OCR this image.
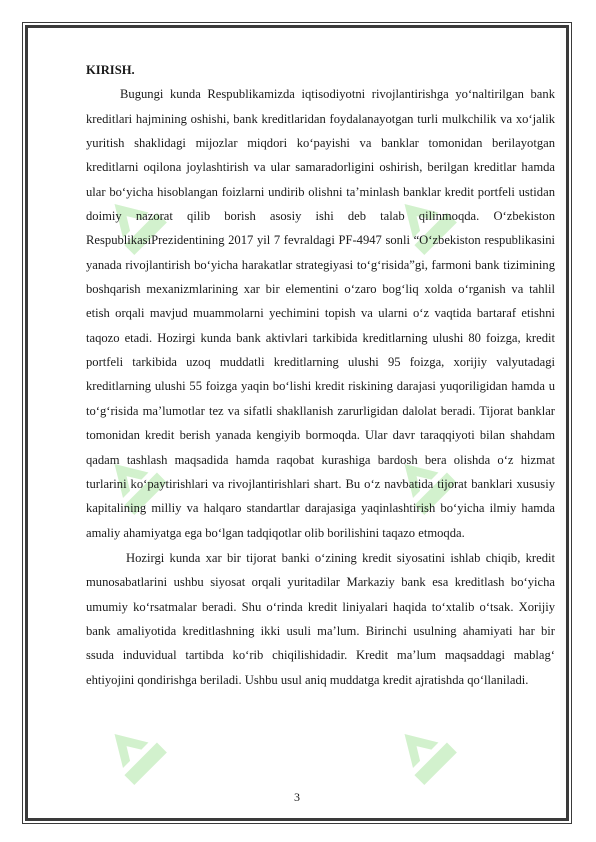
KIRISH.

Bugungi kunda Respublikamizda iqtisodiyotni rivojlantirishga yo‘naltirilgan bank kreditlari hajmining oshishi, bank kreditlaridan foydalanayotgan turli mulkchilik va xo‘jalik yuritish shaklidagi mijozlar miqdori ko‘payishi va banklar tomonidan berilayotgan kreditlarni oqilona joylashtirish va ular samaradorligini oshirish, berilgan kreditlar hamda ular bo‘yicha hisoblangan foizlarni undirib olishni ta’minlash banklar kredit portfeli ustidan doimiy nazorat qilib borish asosiy ishi deb talab qilinmoqda. O‘zbekiston RespublikasiPrezidentining 2017 yil 7 fevraldagi PF-4947 sonli “O‘zbekiston respublikasini yanada rivojlantirish bo‘yicha harakatlar strategiyasi to‘g‘risida”gi, farmoni bank tizimining boshqarish mexanizmlarining xar bir elementini o‘zaro bog‘liq xolda o‘rganish va tahlil etish orqali mavjud muammolarni yechimini topish va ularni o‘z vaqtida bartaraf etishni taqozo etadi. Hozirgi kunda bank aktivlari tarkibida kreditlarning ulushi 80 foizga, kredit portfeli tarkibida uzoq muddatli kreditlarning ulushi 95 foizga, xorijiy valyutadagi kreditlarning ulushi 55 foizga yaqin bo‘lishi kredit riskining darajasi yuqoriligidan hamda u to‘g‘risida ma’lumotlar tez va sifatli shakllanish zarurligidan dalolat beradi. Tijorat banklar tomonidan kredit berish yanada kengiyib bormoqda. Ular davr taraqqiyoti bilan shahdam qadam tashlash maqsadida hamda raqobat kurashiga bardosh bera olishda o‘z hizmat turlarini ko‘paytirishlari va rivojlantirishlari shart. Bu o‘z navbatida tijorat banklari xususiy kapitalining milliy va halqaro standartlar darajasiga yaqinlashtirish bo‘yicha ilmiy hamda amaliy ahamiyatga ega bo‘lgan tadqiqotlar olib borilishini taqazo etmoqda.

Hozirgi kunda xar bir tijorat banki o‘zining kredit siyosatini ishlab chiqib, kredit munosabatlarini ushbu siyosat orqali yuritadilar Markaziy bank esa kreditlash bo‘yicha umumiy ko‘rsatmalar beradi. Shu o‘rinda kredit liniyalari haqida to‘xtalib o‘tsak. Xorijiy bank amaliyotida kreditlashning ikki usuli ma’lum. Birinchi usulning ahamiyati har bir ssuda induvidual tartibda ko‘rib chiqilishidadir. Kredit ma’lum maqsaddagi mablag‘ ehtiyojini qondirishga beriladi. Ushbu usul aniq muddatga kredit ajratishda qo‘llaniladi.

3
